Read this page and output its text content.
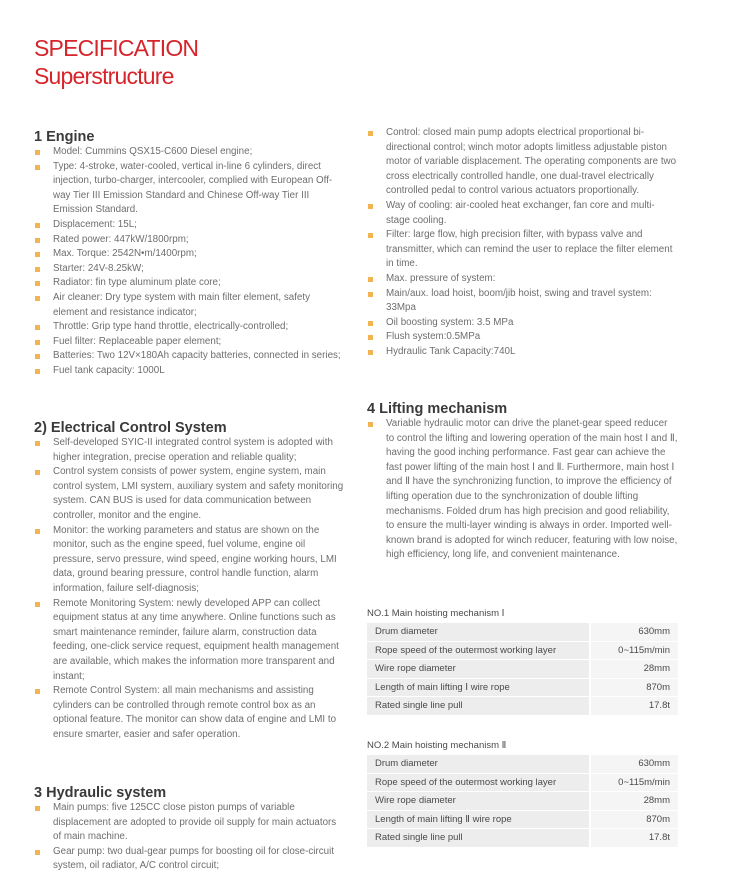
SPECIFICATION
Superstructure
1 Engine
Model: Cummins QSX15-C600 Diesel engine;
Type: 4-stroke, water-cooled, vertical in-line 6 cylinders, direct injection, turbo-charger, intercooler, complied with European Off-way Tier III Emission Standard and Chinese Off-way Tier III Emission Standard.
Displacement: 15L;
Rated power: 447kW/1800rpm;
Max. Torque: 2542N•m/1400rpm;
Starter: 24V-8.25kW;
Radiator: fin type aluminum plate core;
Air cleaner: Dry type system with main filter element, safety element and resistance indicator;
Throttle: Grip type hand throttle, electrically-controlled;
Fuel filter: Replaceable paper element;
Batteries: Two 12V×180Ah capacity batteries, connected in series;
Fuel tank capacity: 1000L
2) Electrical Control System
Self-developed SYIC-II integrated control system is adopted with higher integration, precise operation and reliable quality;
Control system consists of power system, engine system, main control system, LMI system, auxiliary system and safety monitoring system. CAN BUS is used for data communication between controller, monitor and the engine.
Monitor: the working parameters and status are shown on the monitor, such as the engine speed, fuel volume, engine oil pressure, servo pressure, wind speed, engine working hours, LMI data, ground bearing pressure, control handle function, alarm information, failure self-diagnosis;
Remote Monitoring System: newly developed APP can collect equipment status at any time anywhere. Online functions such as smart maintenance reminder, failure alarm, construction data feeding, one-click service request, equipment health management are available, which makes the information more transparent and instant;
Remote Control System: all main mechanisms and assisting cylinders can be controlled through remote control box as an optional feature. The monitor can show data of engine and LMI to ensure smarter, easier and safer operation.
3 Hydraulic system
Main pumps: five 125CC close piston pumps of variable displacement are adopted to provide oil supply for main actuators of main machine.
Gear pump: two dual-gear pumps for boosting oil for close-circuit system, oil radiator, A/C control circuit;
Control: closed main pump adopts electrical proportional bi-directional control; winch motor adopts limitless adjustable piston motor of variable displacement. The operating components are two cross electrically controlled handle, one dual-travel electrically controlled pedal to control various actuators proportionally.
Way of cooling: air-cooled heat exchanger, fan core and multi-stage cooling.
Filter: large flow, high precision filter, with bypass valve and transmitter, which can remind the user to replace the filter element in time.
Max. pressure of system:
Main/aux. load hoist, boom/jib hoist, swing and travel system: 33Mpa
Oil boosting system: 3.5 MPa
Flush system:0.5MPa
Hydraulic Tank Capacity:740L
4 Lifting mechanism
Variable hydraulic motor can drive the planet-gear speed reducer to control the lifting and lowering operation of the main host Ⅰ and Ⅱ, having the good inching performance. Fast gear can achieve the fast power lifting of the main host Ⅰ and Ⅱ. Furthermore, main host Ⅰ and Ⅱ have the synchronizing function, to improve the efficiency of lifting operation due to the synchronization of double lifting mechanisms. Folded drum has high precision and good reliability, to ensure the multi-layer winding is always in order. Imported well-known brand is adopted for winch reducer, featuring with low noise, high efficiency, long life, and convenient maintenance.
NO.1 Main hoisting mechanism Ⅰ
Drum diameter	630mm
Rope speed of the outermost working layer	0~115m/min
Wire rope diameter	28mm
Length of main lifting Ⅰ wire rope	870m
Rated single line pull	17.8t
NO.2 Main hoisting mechanism Ⅱ
Drum diameter	630mm
Rope speed of the outermost working layer	0~115m/min
Wire rope diameter	28mm
Length of main lifting Ⅱ wire rope	870m
Rated single line pull	17.8t
